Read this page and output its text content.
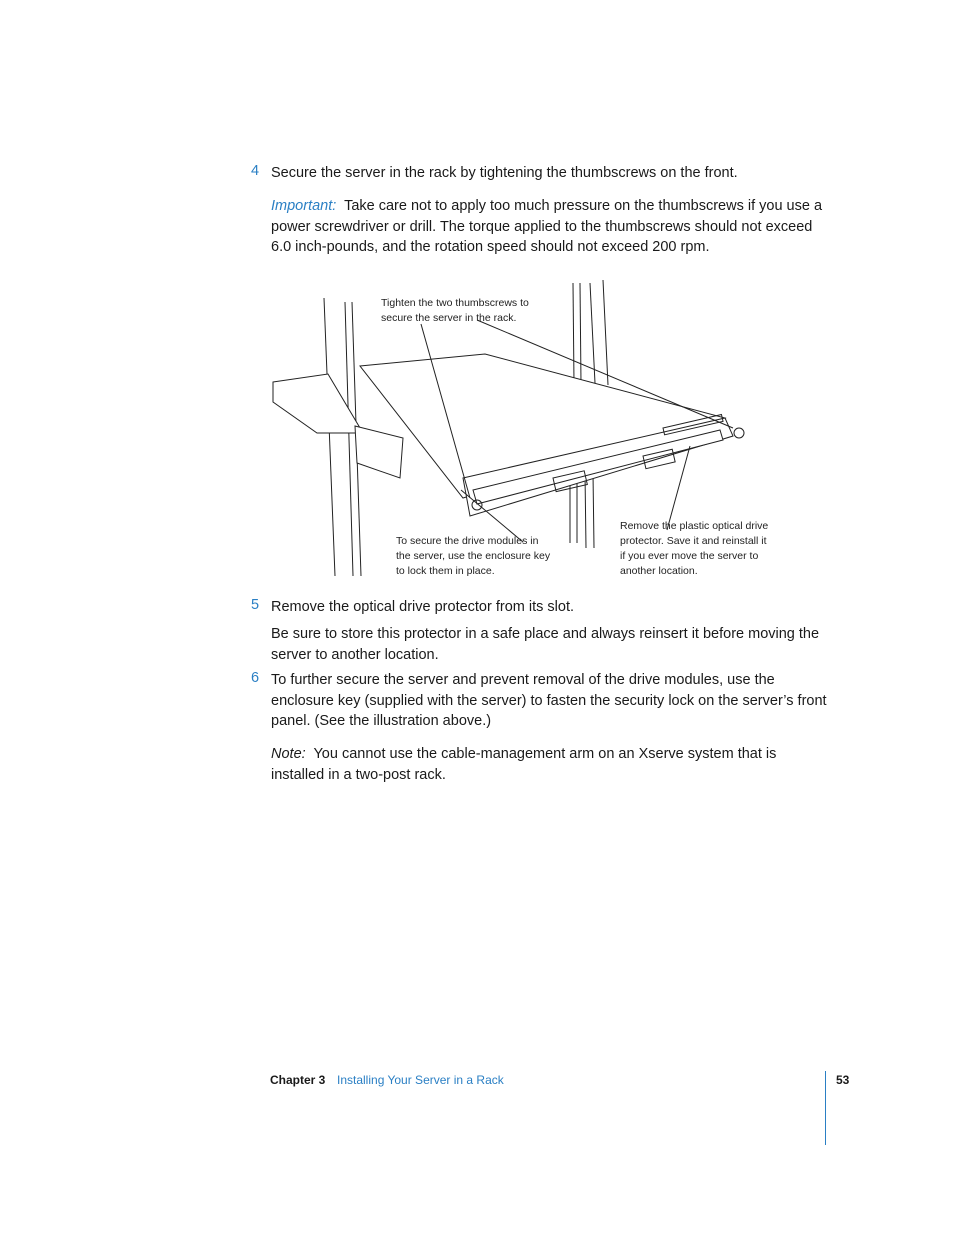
4 Secure the server in the rack by tightening the thumbscrews on the front.
Important: Take care not to apply too much pressure on the thumbscrews if you use a power screwdriver or drill. The torque applied to the thumbscrews should not exceed 6.0 inch-pounds, and the rotation speed should not exceed 200 rpm.
Tighten the two thumbscrews to secure the server in the rack.
To secure the drive modules in the server, use the enclosure key to lock them in place.
Remove the plastic optical drive protector. Save it and reinstall it if you ever move the server to another location.
5 Remove the optical drive protector from its slot.
Be sure to store this protector in a safe place and always reinsert it before moving the server to another location.
6 To further secure the server and prevent removal of the drive modules, use the enclosure key (supplied with the server) to fasten the security lock on the server’s front panel. (See the illustration above.)
Note: You cannot use the cable-management arm on an Xserve system that is installed in a two-post rack.
Chapter 3 Installing Your Server in a Rack	53
